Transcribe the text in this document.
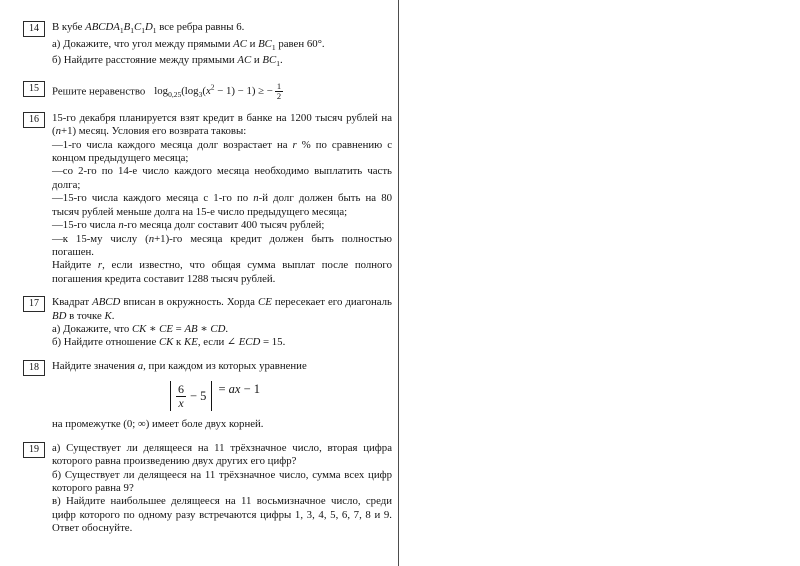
14	В кубе $ABCDA_1B_1C_1D_1$ все ребра равны 6.

а) Докажите, что угол между прямыми AC и $BC_1$ равен 60°.

б) Найдите расстояние между прямыми AC и $BC_1$.

15	Решите неравенство $\log_{0,25}(\log_3(x^2 - 1) - 1)$ ≥ − $\frac{1}{2}$

16	15-го декабря планируется взят кредит в банке на 1200 тысяч рублей на (n+1) месяц. Условия его возврата таковы:

—1-го числа каждого месяца долг возрастает на r % по сравнению с концом предыдущего месяца;

—со 2-го по 14-е число каждого месяца необходимо выплатить часть долга;

—15-го числа каждого месяца с 1-го по n-й долг должен быть на 80 тысяч рублей меньше долга на 15-е число предыдущего месяца;

—15-го числа n-го месяца долг составит 400 тысяч рублей;

—к 15-му числу (n+1)-го месяца кредит должен быть полностью погашен.

Найдите r, если известно, что общая сумма выплат после полного погашения кредита составит 1288 тысяч рублей.

17	Квадрат ABCD вписан в окружность. Хорда CE пересекает его диагональ BD в точке K.

а) Докажите, что CK ∗ CE = AB ∗ CD.

б) Найдите отношение CK к KE, если ∠ ECD = 15.

18	Найдите значения a, при каждом из которых уравнение

$\frac{6}{x} - 5$ = ax − 1

на промежутке (0; ∞) имеет боле двух корней.

19	а) Существует ли делящееся на 11 трёхзначное число, вторая цифра которого равна произведению двух других его цифр?

б) Существует ли делящееся на 11 трёхзначное число, сумма всех цифр которого равна 9?

в) Найдите наибольшее делящееся на 11 восьмизначное число, среди цифр которого по одному разу встречаются цифры 1, 3, 4, 5, 6, 7, 8 и 9. Ответ обоснуйте.
